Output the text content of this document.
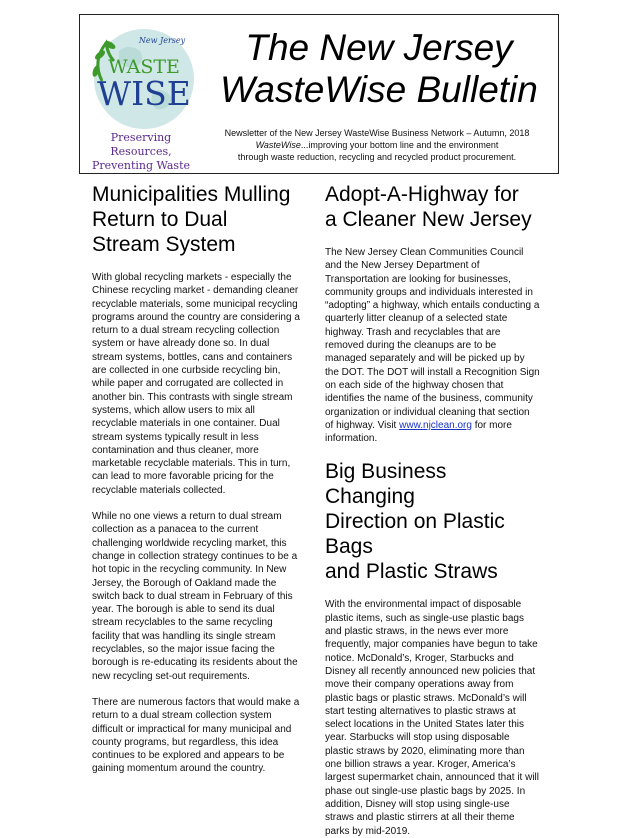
New Jersey
WASTE
WISE
Preserving Resources,
Preventing Waste
The New Jersey
WasteWise Bulletin
Newsletter of the New Jersey WasteWise Business Network – Autumn, 2018
WasteWise...improving your bottom line and the environment
through waste reduction, recycling and recycled product procurement.
Municipalities Mulling
Return to Dual
Stream System

With global recycling markets - especially the Chinese recycling market - demanding cleaner recyclable materials, some municipal recycling programs around the country are considering a return to a dual stream recycling collection system or have already done so. In dual stream systems, bottles, cans and containers are collected in one curbside recycling bin, while paper and corrugated are collected in another bin. This contrasts with single stream systems, which allow users to mix all recyclable materials in one container. Dual stream systems typically result in less contamination and thus cleaner, more marketable recyclable materials. This in turn, can lead to more favorable pricing for the recyclable materials collected.

While no one views a return to dual stream collection as a panacea to the current challenging worldwide recycling market, this change in collection strategy continues to be a hot topic in the recycling community. In New Jersey, the Borough of Oakland made the switch back to dual stream in February of this year. The borough is able to send its dual stream recyclables to the same recycling facility that was handling its single stream recyclables, so the major issue facing the borough is re-educating its residents about the new recycling set-out requirements.

There are numerous factors that would make a return to a dual stream collection system difficult or impractical for many municipal and county programs, but regardless, this idea continues to be explored and appears to be gaining momentum around the country.

Adopt-A-Highway for
a Cleaner New Jersey

The New Jersey Clean Communities Council and the New Jersey Department of Transportation are looking for businesses, community groups and individuals interested in “adopting” a highway, which entails conducting a quarterly litter cleanup of a selected state highway. Trash and recyclables that are removed during the cleanups are to be managed separately and will be picked up by the DOT. The DOT will install a Recognition Sign on each side of the highway chosen that identifies the name of the business, community organization or individual cleaning that section of highway. Visit www.njclean.org for more information.

Big Business Changing
Direction on Plastic Bags
and Plastic Straws

With the environmental impact of disposable plastic items, such as single-use plastic bags and plastic straws, in the news ever more frequently, major companies have begun to take notice. McDonald’s, Kroger, Starbucks and Disney all recently announced new policies that move their company operations away from plastic bags or plastic straws. McDonald’s will start testing alternatives to plastic straws at select locations in the United States later this year. Starbucks will stop using disposable plastic straws by 2020, eliminating more than one billion straws a year. Kroger, America’s largest supermarket chain, announced that it will phase out single-use plastic bags by 2025. In addition, Disney will stop using single-use straws and plastic stirrers at all their theme parks by mid-2019.
